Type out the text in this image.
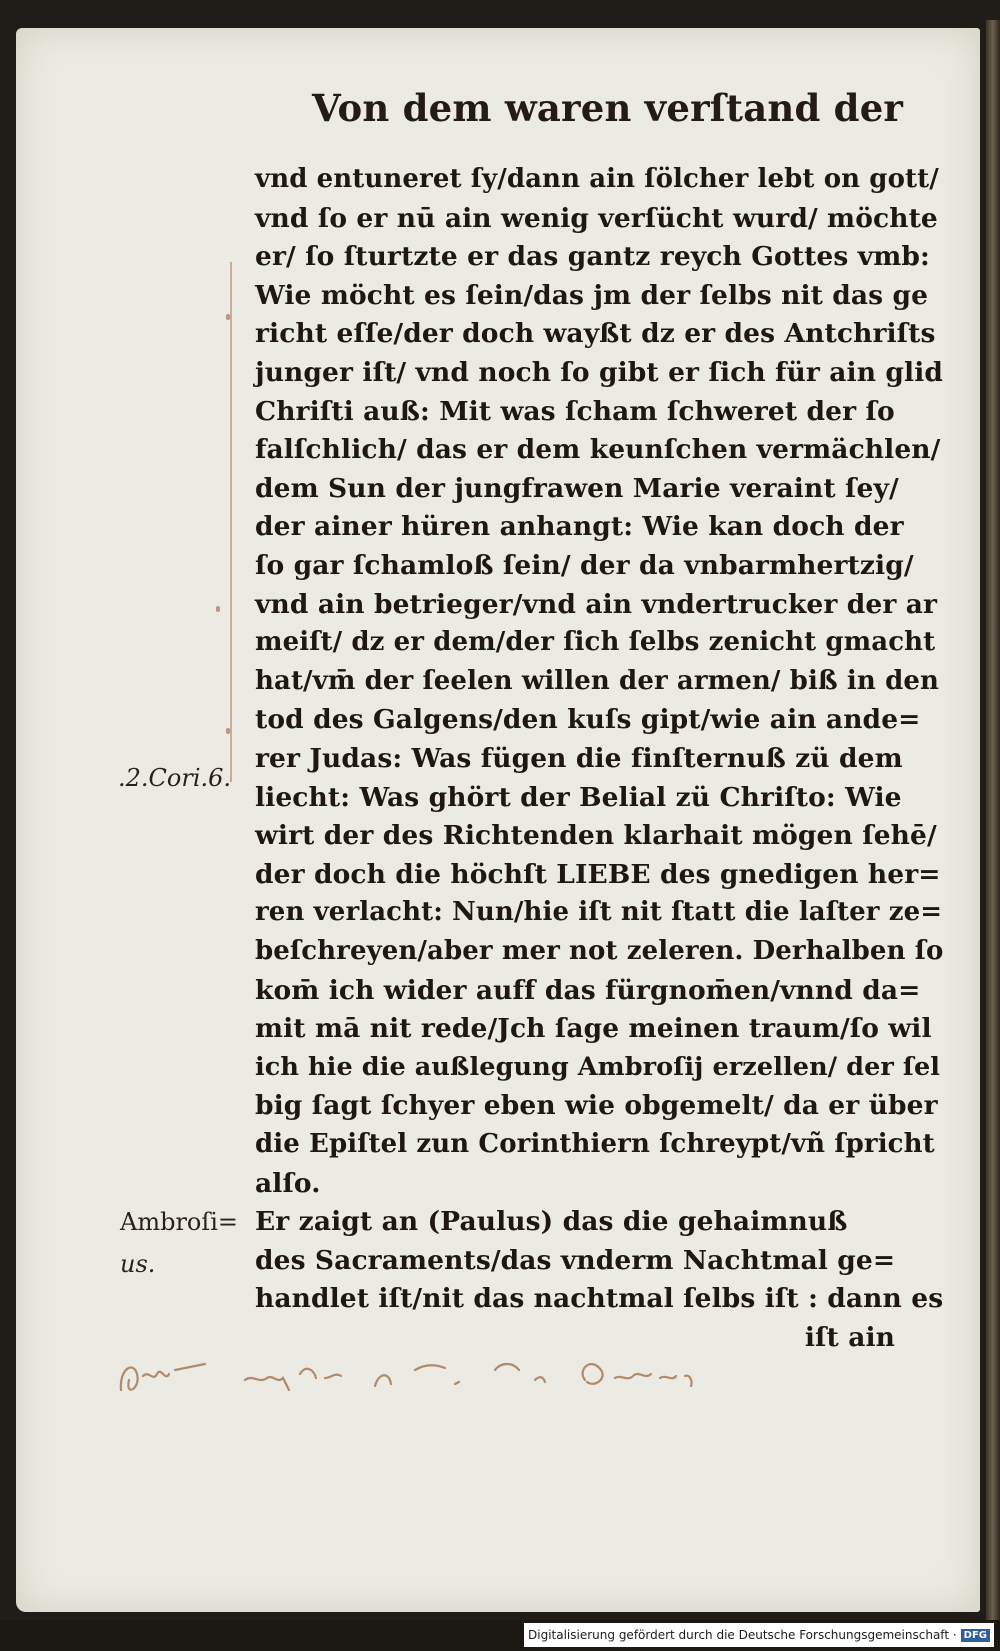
Von dem waren verſtand der
.2.Cori.6.
Ambroſi=
us.
vnd entuneret ſy/dann ain ſölcher lebt on gott/
vnd ſo er nū ain wenig verſücht wurd/ möchte
er/ ſo ſturtzte er das gantz reych Gottes vmb:
Wie möcht es ſein/das jm der ſelbs nit das ge
richt eſſe/der doch wayßt dz er des Antchriſts
junger iſt/ vnd noch ſo gibt er ſich für ain glid
Chriſti auß: Mit was ſcham ſchweret der ſo
falſchlich/ das er dem keunſchen vermächlen/
dem Sun der jungfrawen Marie veraint ſey/
der ainer hüren anhangt: Wie kan doch der
ſo gar ſchamloß ſein/ der da vnbarmhertzig/
vnd ain betrieger/vnd ain vndertrucker der ar
meiſt/ dz er dem/der ſich ſelbs zenicht gmacht
hat/vm̄ der ſeelen willen der armen/ biß in den
tod des Galgens/den kuſs gipt/wie ain ande=
rer Judas: Was fügen die finſternuß zü dem
liecht: Was ghört der Belial zü Chriſto: Wie
wirt der des Richtenden klarhait mögen ſehē/
der doch die höchſt LIEBE des gnedigen her=
ren verlacht: Nun/hie iſt nit ſtatt die laſter ze=
beſchreyen/aber mer not zeleren. Derhalben ſo
kom̄ ich wider auff das fürgnom̄en/vnnd da=
mit mā nit rede/Jch ſage meinen traum/ſo wil
ich hie die außlegung Ambroſij erzellen/ der ſel
big ſagt ſchyer eben wie obgemelt/ da er über
die Epiſtel zun Corinthiern ſchreypt/vñ ſpricht
alſo.
Er zaigt an (Paulus) das die gehaimnuß
des Sacraments/das vnderm Nachtmal ge=
handlet iſt/nit das nachtmal ſelbs iſt : dann es
iſt ain
Digitalisierung gefördert durch die Deutsche Forschungsgemeinschaft · DFG
